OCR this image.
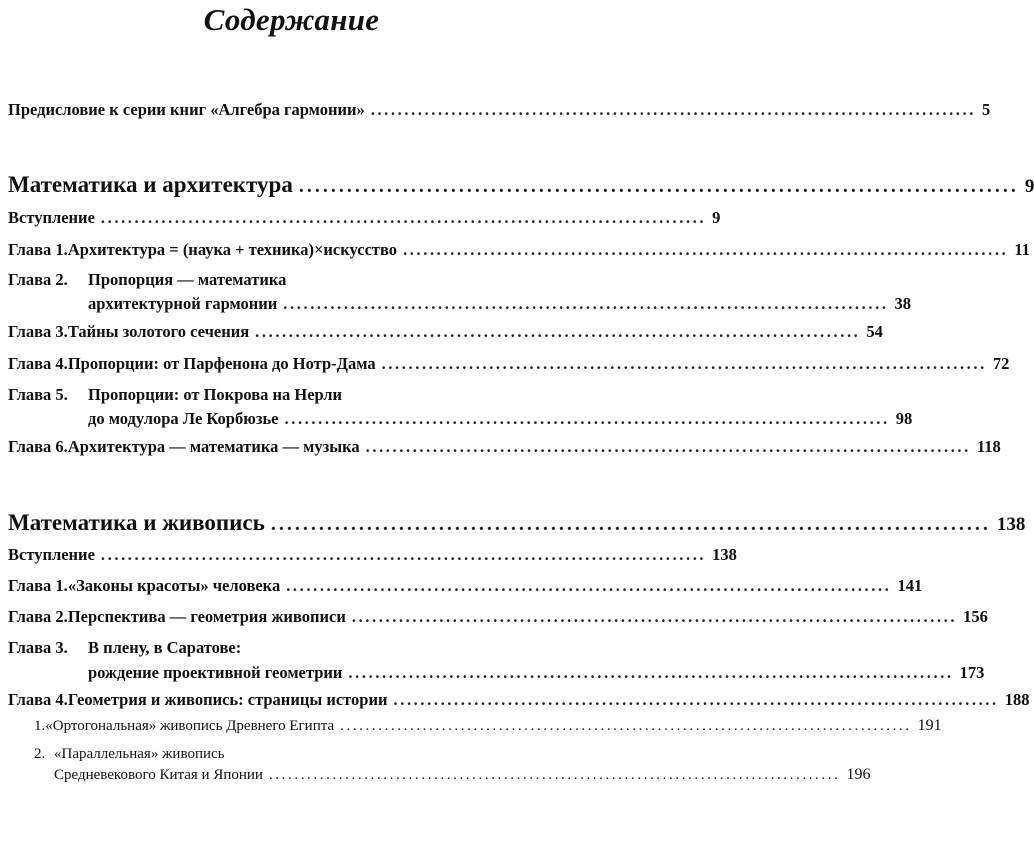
Содержание
Предисловие к серии книг «Алгебра гармонии» .......................................................................................... 5
Математика и архитектура .......................................................................................... 9
Вступление .......................................................................................... 9
Глава 1. Архитектура = (наука + техника)×искусство .......................................................................................... 11
Глава 2.	Пропорция — математика
архитектурной гармонии .......................................................................................... 38
Глава 3. Тайны золотого сечения .......................................................................................... 54
Глава 4. Пропорции: от Парфенона до Нотр-Дама .......................................................................................... 72
Глава 5.	Пропорции: от Покрова на Нерли
до модулора Ле Корбюзье .......................................................................................... 98
Глава 6. Архитектура — математика — музыка .......................................................................................... 118
Математика и живопись .......................................................................................... 138
Вступление .......................................................................................... 138
Глава 1. «Законы красоты» человека .......................................................................................... 141
Глава 2. Перспектива — геометрия живописи .......................................................................................... 156
Глава 3.	В плену, в Саратове:
рождение проективной геометрии .......................................................................................... 173
Глава 4. Геометрия и живопись: страницы истории .......................................................................................... 188
1. «Ортогональная» живопись Древнего Египта .......................................................................................... 191
2. «Параллельная» живопись
Средневекового Китая и Японии .......................................................................................... 196
